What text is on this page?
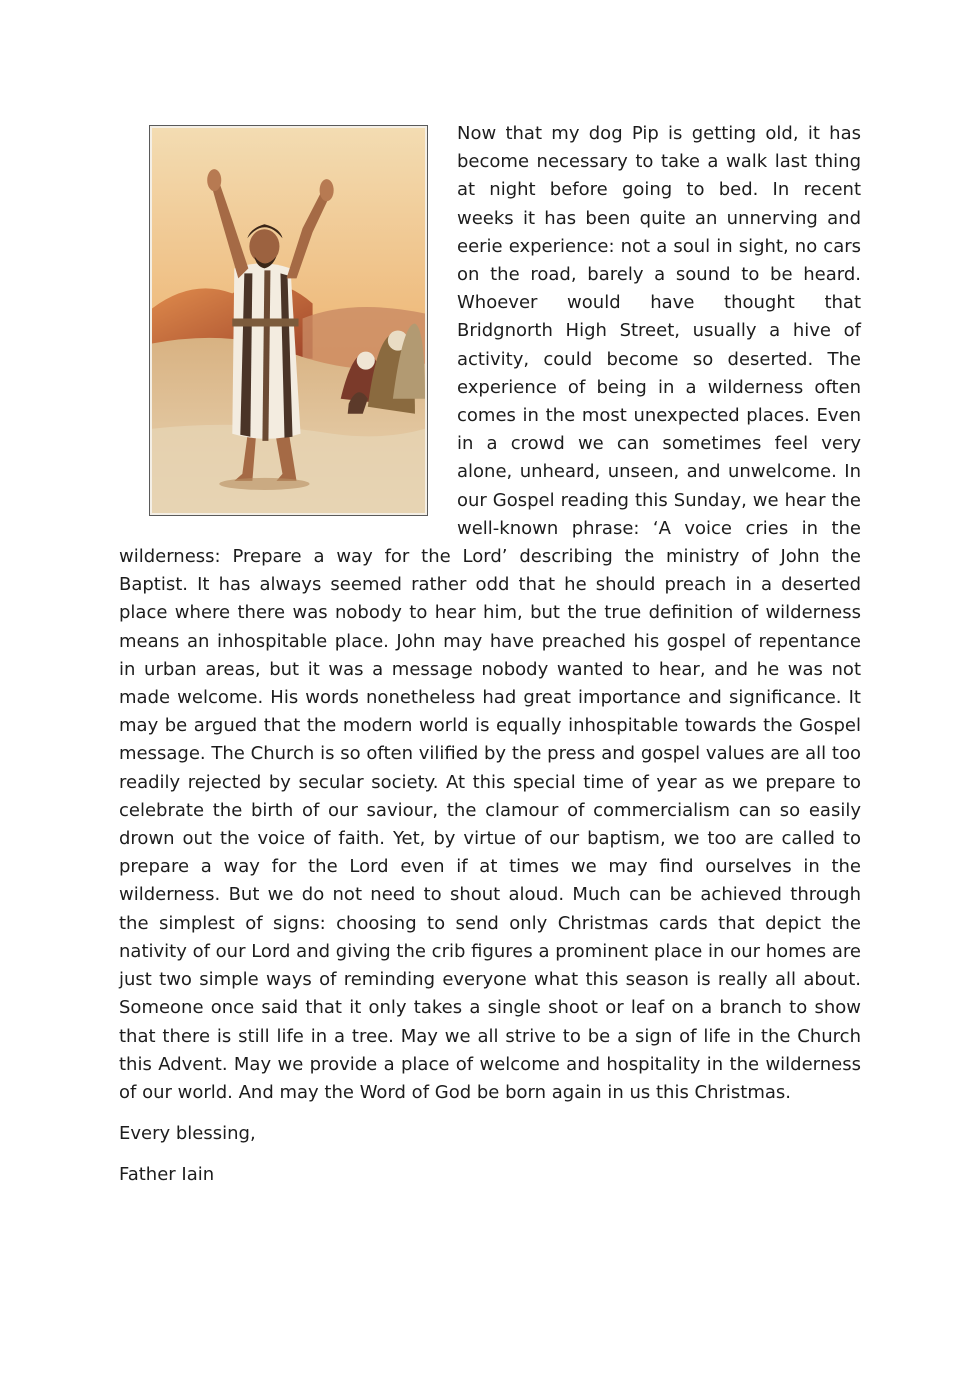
Now that my dog Pip is getting old, it has become necessary to take a walk last thing at night before going to bed. In recent weeks it has been quite an unnerving and eerie experience: not a soul in sight, no cars on the road, barely a sound to be heard. Whoever would have thought that Bridgnorth High Street, usually a hive of activity, could become so deserted. The experience of being in a wilderness often comes in the most unexpected places. Even in a crowd we can sometimes feel very alone, unheard, unseen, and unwelcome. In our Gospel reading this Sunday, we hear the well-known phrase: ‘A voice cries in the wilderness: Prepare a way for the Lord’ describing the ministry of John the Baptist. It has always seemed rather odd that he should preach in a deserted place where there was nobody to hear him, but the true definition of wilderness means an inhospitable place. John may have preached his gospel of repentance in urban areas, but it was a message nobody wanted to hear, and he was not made welcome. His words nonetheless had great importance and significance. It may be argued that the modern world is equally inhospitable towards the Gospel message. The Church is so often vilified by the press and gospel values are all too readily rejected by secular society. At this special time of year as we prepare to celebrate the birth of our saviour, the clamour of commercialism can so easily drown out the voice of faith. Yet, by virtue of our baptism, we too are called to prepare a way for the Lord even if at times we may find ourselves in the wilderness. But we do not need to shout aloud. Much can be achieved through the simplest of signs: choosing to send only Christmas cards that depict the nativity of our Lord and giving the crib figures a prominent place in our homes are just two simple ways of reminding everyone what this season is really all about. Someone once said that it only takes a single shoot or leaf on a branch to show that there is still life in a tree. May we all strive to be a sign of life in the Church this Advent. May we provide a place of welcome and hospitality in the wilderness of our world. And may the Word of God be born again in us this Christmas.

Every blessing,

Father Iain
